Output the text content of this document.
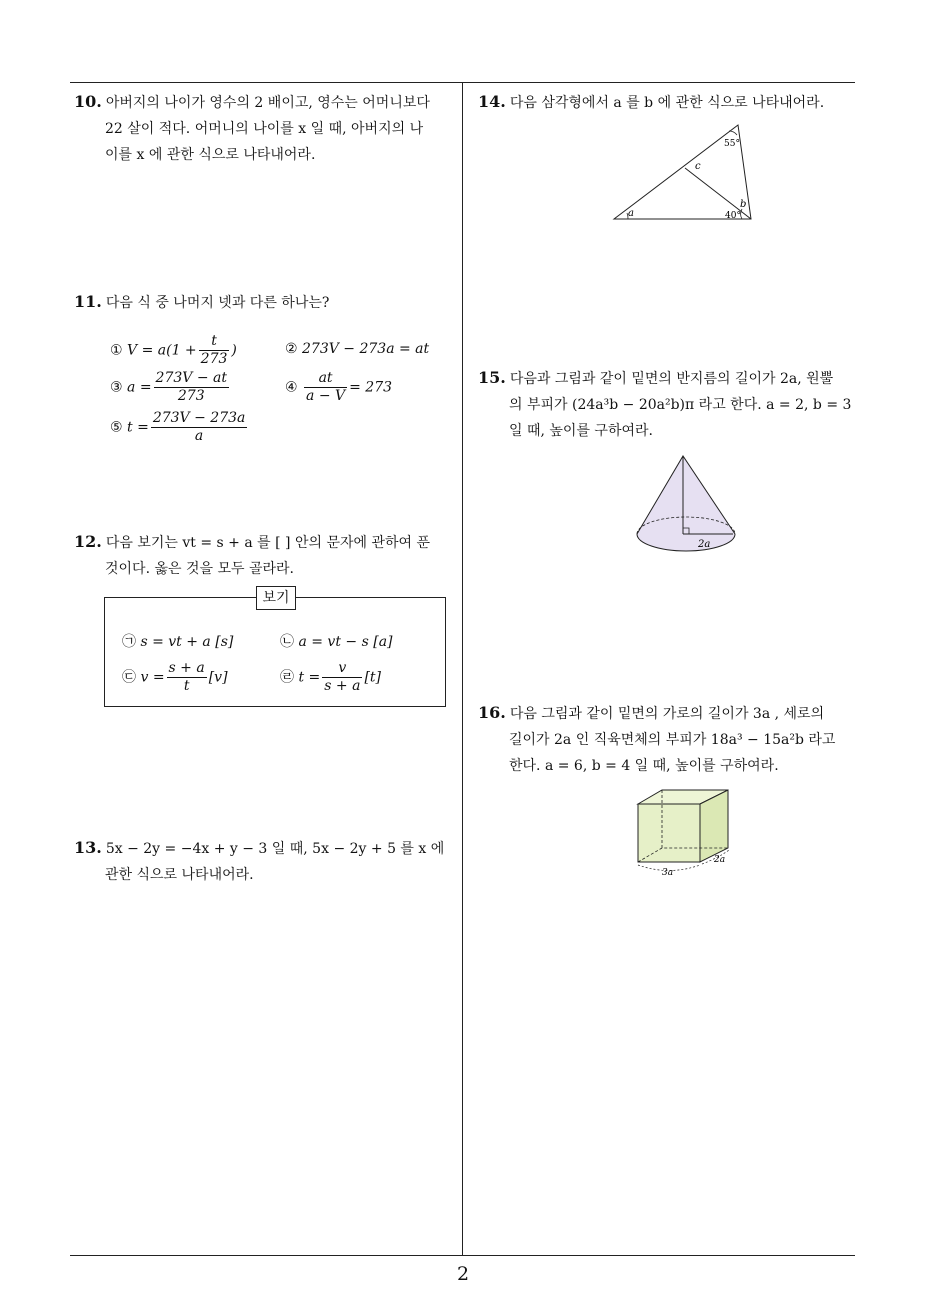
10. 아버지의 나이가 영수의 2 배이고, 영수는 어머니보다
22 살이 적다. 어머니의 나이를 x 일 때, 아버지의 나
이를 x 에 관한 식으로 나타내어라.
11. 다음 식 중 나머지 넷과 다른 하나는?
① $V = a(1 + \frac{t}{273}$ )	② 273V − 273a = at
③ $a = \frac{273V - at}{273}$	④ $\frac{at}{a - V} = 273$
⑤ $t = \frac{273V - 273a}{a}$
12. 다음 보기는 vt = s + a 를 [ ] 안의 문자에 관하여 푼
것이다. 옳은 것을 모두 골라라.
보기
㉠ s = vt + a [s]	㉡ a = vt − s [a]
㉢ $v = \frac{s + a}{t} [v]$	㉣ $t = \frac{v}{s + a} [t]$
13. 5x − 2y = −4x + y − 3 일 때, 5x − 2y + 5 를 x 에
관한 식으로 나타내어라.
14. 다음 삼각형에서 a 를 b 에 관한 식으로 나타내어라.
55°
c
b
a	40°
15. 다음과 그림과 같이 밑면의 반지름의 길이가 2a, 원뿔
의 부피가 (24a³b − 20a²b)π 라고 한다. a = 2, b = 3
일 때, 높이를 구하여라.
2a
16. 다음 그림과 같이 밑면의 가로의 길이가 3a , 세로의
길이가 2a 인 직육면체의 부피가 18a³ − 15a²b 라고
한다. a = 6, b = 4 일 때, 높이를 구하여라.
3a
2a
2
